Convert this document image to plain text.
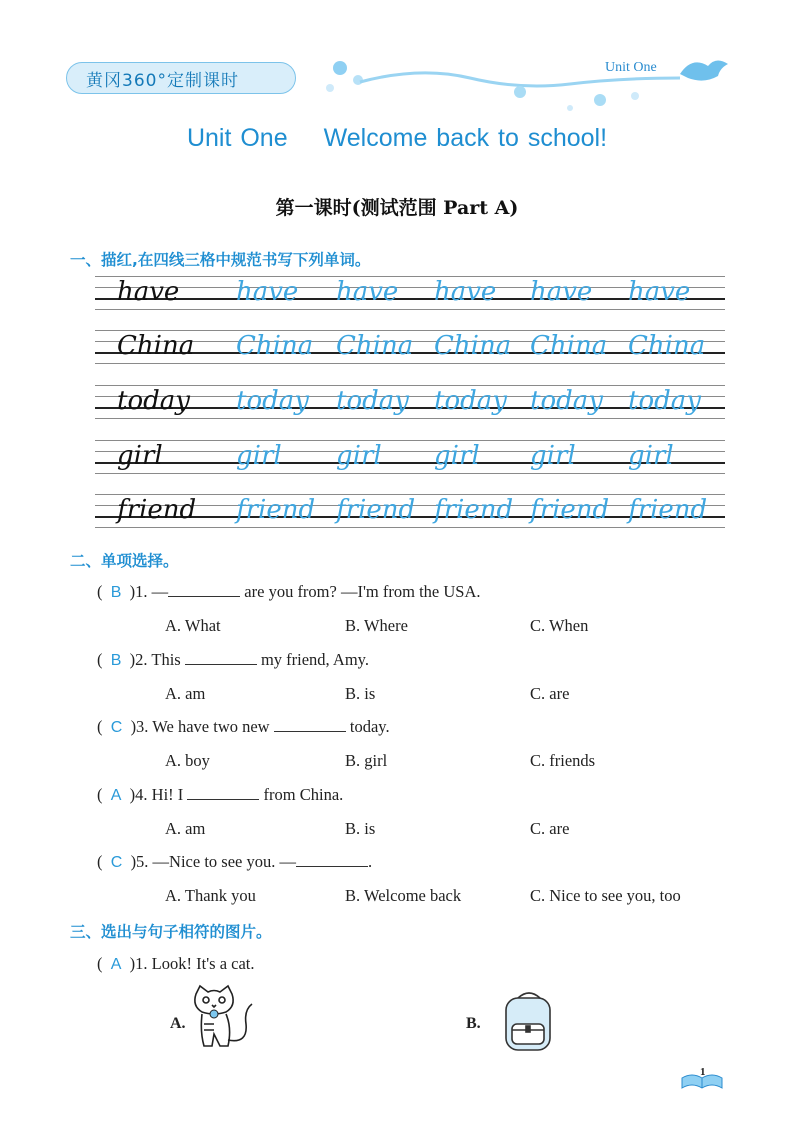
黄冈360°定制课时
Unit One
Unit One Welcome back to school!
第一课时(测试范围 Part A)
一、描红,在四线三格中规范书写下列单词。
have have have have have have
China China China China China China
today today today today today today
girl	girl girl girl girl girl
friend friend friend friend friend friend
二、单项选择。
(  B )1. —	are you from? —I'm from the USA.
A. What	B. Where	C. When
(  B )2. This	my friend, Amy.
A. am	B. is	C. are
(  C )3. We have two new	today.
A. boy	B. girl	C. friends
(  A )4. Hi! I	from China.
A. am	B. is	C. are
(  C )5. —Nice to see you. —	.
A. Thank you	B. Welcome back	C. Nice to see you, too
三、选出与句子相符的图片。
(  A )1. Look! It's a cat.
A.	B.
1
